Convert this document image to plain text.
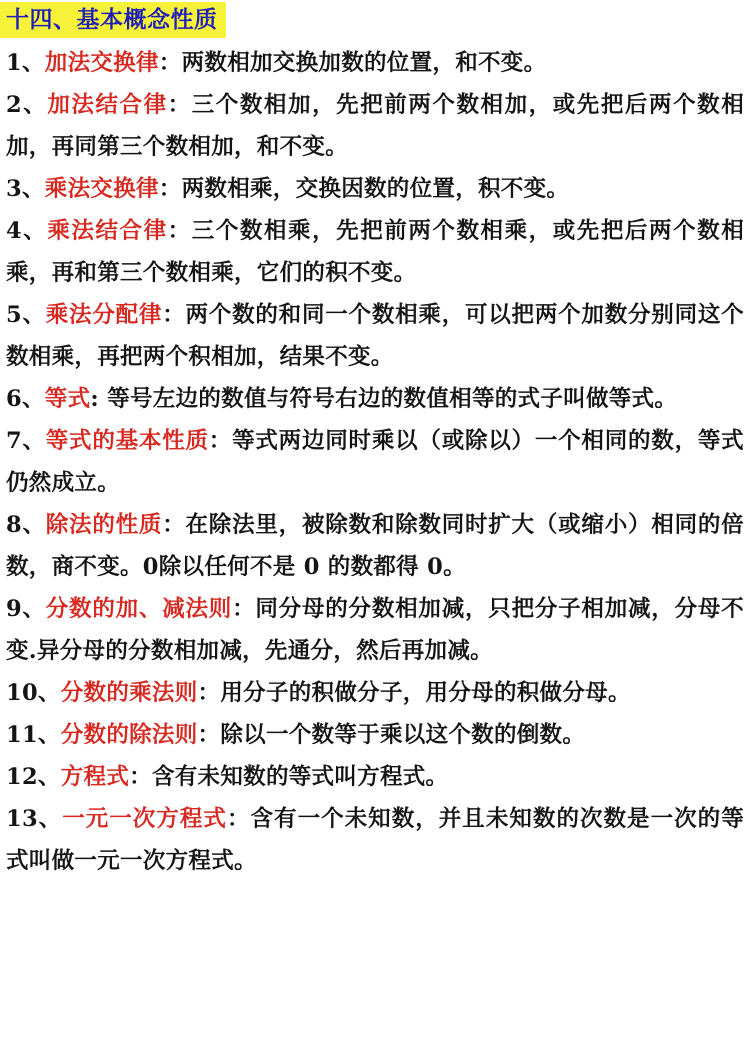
十四、基本概念性质
1、加法交换律：两数相加交换加数的位置，和不变。
2、加法结合律：三个数相加，先把前两个数相加，或先把后两个数相加，再同第三个数相加，和不变。
3、乘法交换律：两数相乘，交换因数的位置，积不变。
4、乘法结合律：三个数相乘，先把前两个数相乘，或先把后两个数相乘，再和第三个数相乘，它们的积不变。
5、乘法分配律：两个数的和同一个数相乘，可以把两个加数分别同这个数相乘，再把两个积相加，结果不变。
6、等式: 等号左边的数值与符号右边的数值相等的式子叫做等式。
7、等式的基本性质：等式两边同时乘以（或除以）一个相同的数，等式仍然成立。
8、除法的性质：在除法里，被除数和除数同时扩大（或缩小）相同的倍数，商不变。0除以任何不是 0 的数都得 0。
9、分数的加、减法则：同分母的分数相加减，只把分子相加减，分母不变.异分母的分数相加减，先通分，然后再加减。
10、分数的乘法则：用分子的积做分子，用分母的积做分母。
11、分数的除法则：除以一个数等于乘以这个数的倒数。
12、方程式：含有未知数的等式叫方程式。
13、一元一次方程式：含有一个未知数，并且未知数的次数是一次的等式叫做一元一次方程式。
